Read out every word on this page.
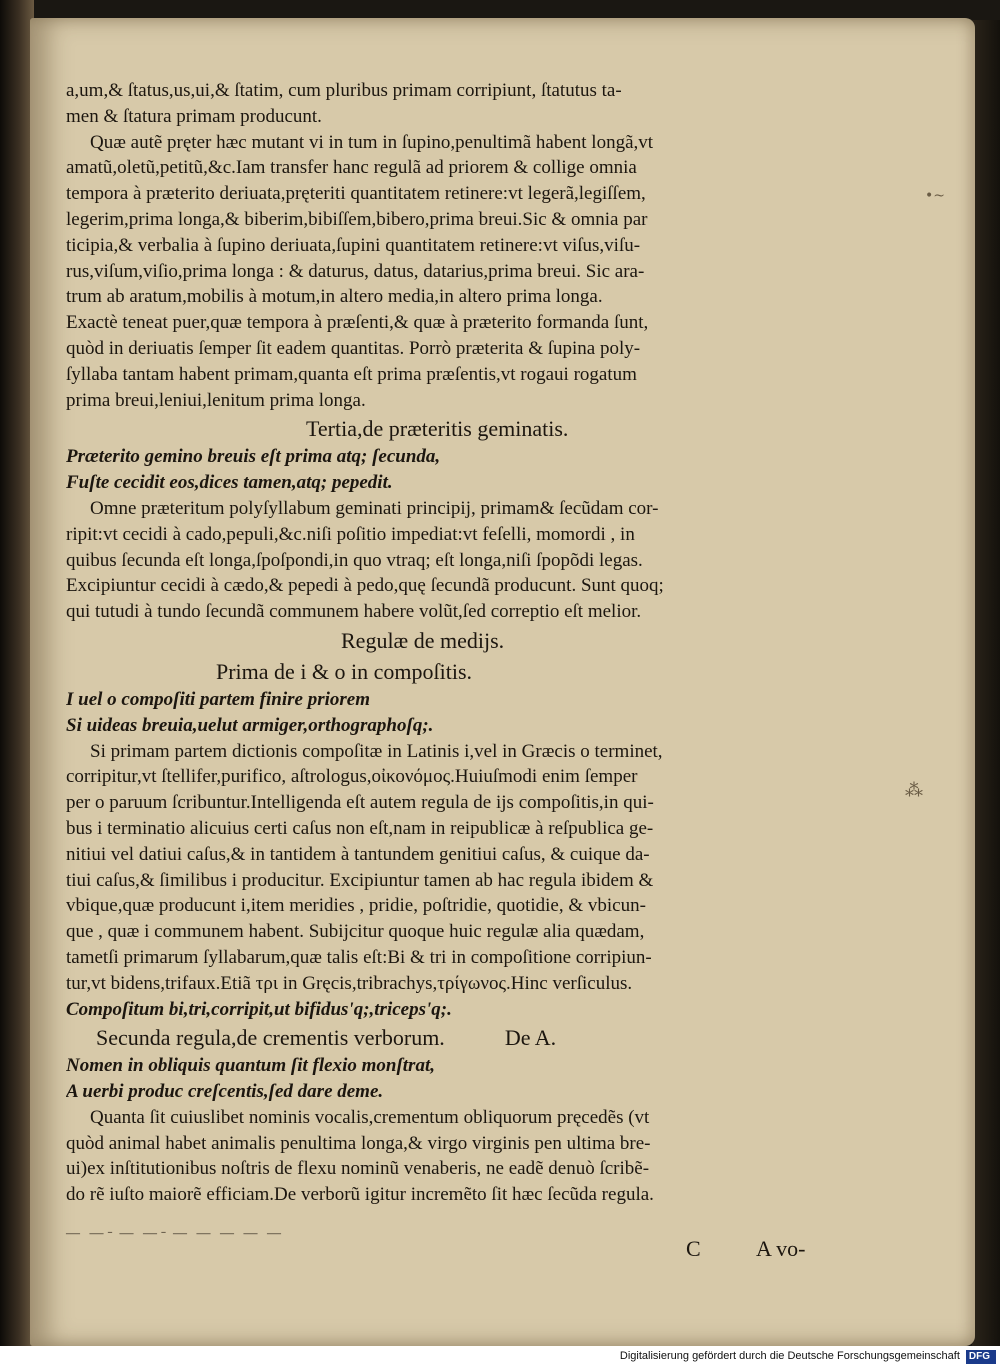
a,um,& ſtatus,us,ui,& ſtatim, cum pluribus primam corripiunt, ſtatutus ta-
men & ſtatura primam producunt.
Quæ autẽ pręter hæc mutant vi in tum in ſupino,penultimã habent longã,vt
amatũ,oletũ,petitũ,&c.Iam transfer hanc regulã ad priorem & collige omnia
tempora à præterito deriuata,pręteriti quantitatem retinere:vt legerã,legiſſem,
legerim,prima longa,& biberim,bibiſſem,bibero,prima breui.Sic & omnia par
ticipia,& verbalia à ſupino deriuata,ſupini quantitatem retinere:vt viſus,viſu-
rus,viſum,viſio,prima longa : & daturus, datus, datarius,prima breui. Sic ara-
trum ab aratum,mobilis à motum,in altero media,in altero prima longa.
Exactè teneat puer,quæ tempora à præſenti,& quæ à præterito formanda ſunt,
quòd in deriuatis ſemper ſit eadem quantitas. Porrò præterita & ſupina poly-
ſyllaba tantam habent primam,quanta eſt prima præſentis,vt rogaui rogatum
prima breui,leniui,lenitum prima longa.
Tertia,de præteritis geminatis.
Præterito gemino breuis eſt prima atq; ſecunda,
Fuſte cecidit eos,dices tamen,atq; pepedit.
Omne præteritum polyſyllabum geminati principij, primam& ſecũdam cor-
ripit:vt cecidi à cado,pepuli,&c.niſi poſitio impediat:vt feſelli, momordi , in
quibus ſecunda eſt longa,ſpoſpondi,in quo vtraq; eſt longa,niſi ſpopõdi legas.
Excipiuntur cecidi à cædo,& pepedi à pedo,quę ſecundã producunt. Sunt quoq;
qui tutudi à tundo ſecundã communem habere volũt,ſed correptio eſt melior.
Regulæ de medijs.
Prima de i & o in compoſitis.
I uel o compoſiti partem finire priorem
Si uideas breuia,uelut armiger,orthographoſq;.
Si primam partem dictionis compoſitæ in Latinis i,vel in Græcis o terminet,
corripitur,vt ſtellifer,purifico, aſtrologus,οἰκονόμος.Huiuſmodi enim ſemper
per o paruum ſcribuntur.Intelligenda eſt autem regula de ijs compoſitis,in qui-
bus i terminatio alicuius certi caſus non eſt,nam in reipublicæ à reſpublica ge-
nitiui vel datiui caſus,& in tantidem à tantundem genitiui caſus, & cuique da-
tiui caſus,& ſimilibus i producitur. Excipiuntur tamen ab hac regula ibidem &
vbique,quæ producunt i,item meridies , pridie, poſtridie, quotidie, & vbicun-
que , quæ i communem habent. Subijcitur quoque huic regulæ alia quædam,
tametſi primarum ſyllabarum,quæ talis eſt:Bi & tri in compoſitione corripiun-
tur,vt bidens,trifaux.Etiã τρι in Gręcis,tribrachys,τρίγωνος.Hinc verſiculus.
Compoſitum bi,tri,corripit,ut bifidus'q;,triceps'q;.
Secunda regula,de crementis verborum.	De A.
Nomen in obliquis quantum ſit flexio monſtrat,
A uerbi produc creſcentis,ſed dare deme.
Quanta ſit cuiuslibet nominis vocalis,crementum obliquorum pręcedẽs (vt
quòd animal habet animalis penultima longa,& virgo virginis pen ultima bre-
ui)ex inſtitutionibus noſtris de flexu nominũ venaberis, ne eadẽ denuò ſcribẽ-
do rẽ iuſto maiorẽ efficiam.De verborũ igitur incremẽto ſit hæc ſecũda regula.
— — ̵ — — ̵ — — — — —
C	A vo-
•~
⁂
Digitalisierung gefördert durch die Deutsche Forschungsgemeinschaft DFG
